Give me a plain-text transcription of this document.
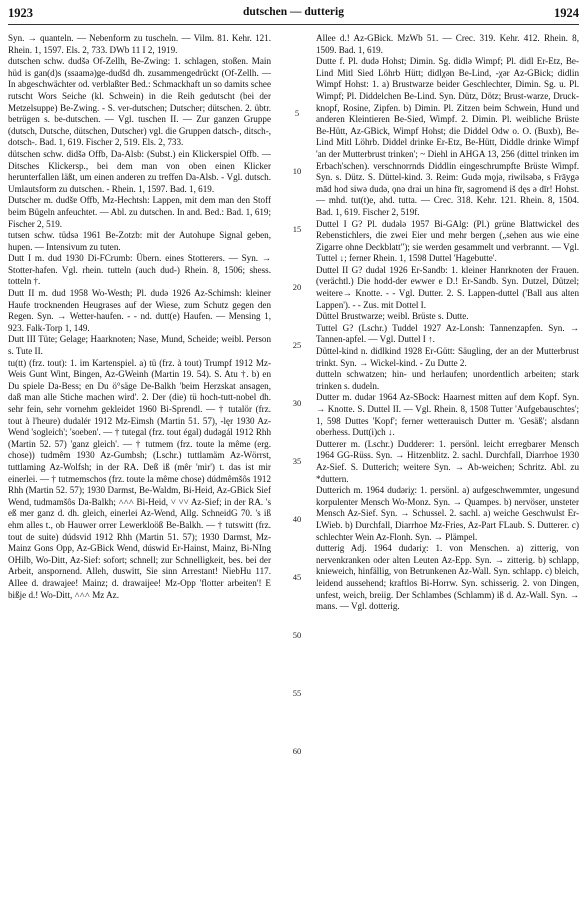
1923	dutschen — dutterig	1924

Syn. → quanteln. — Nebenform zu tuscheln. — Vilm. 81. Kehr. 121. Rhein. 1, 1597. Els. 2, 733. DWb 11 I 2, 1919.

dutschen schw. dudšə Of-Zellh, Be-Zwing: 1. schlagen, stoßen. Main hüd is gan(d)s (ssaamə)ge-dudšd dh. zusammengedrückt (Of-Zellh. — In abgeschwächter od. verblaßter Bed.: Schmackhaft un so damits schee rutscht Wors Seiche (kl. Schwein) in die Reih gedutscht (bei der Metzelsuppe) Be-Zwing. - S. ver-dutschen; Dutscher; dütschen. 2. übtr. betrügen s. be-dutschen. — Vgl. tuschen II. — Zur ganzen Gruppe (dutsch, Dutsche, dütschen, Dutscher) vgl. die Gruppen datsch-, ditsch-, dotsch-. Bad. 1, 619. Fischer 2, 519. Els. 2, 733.

dütschen schw. didšə Offb, Da-Alsb: (Subst.) ein Klickerspiel Offb. — Ditsches Klickersp., bei dem man von oben einen Klicker herunterfallen läßt, um einen anderen zu treffen Da-Alsb. - Vgl. dutsch. Umlautsform zu dutschen. - Rhein. 1, 1597. Bad. 1, 619.

Dutscher m. dudšɐ Offb, Mz-Hechtsh: Lappen, mit dem man den Stoff beim Bügeln anfeuchtet. — Abl. zu dutschen. In and. Bed.: Bad. 1, 619; Fischer 2, 519.

tutsen schw. tüdsə 1961 Be-Zotzb: mit der Autohupe Signal geben, hupen. — Intensivum zu tuten.

Dutt I m. dud 1930 Di-FCrumb: Übern. eines Stotterers. — Syn. → Stotter-hafen. Vgl. rhein. tutteln (auch dud-) Rhein. 8, 1506; shess. totteln †.

Dutt II m. dud 1958 Wo-Westh; Pl. dudə 1926 Az-Schimsh: kleiner Haufe trocknenden Heugrases auf der Wiese, zum Schutz gegen den Regen. Syn. → Wetter-haufen. - - nd. dutt(e) Haufen. — Mensing 1, 923. Falk-Torp 1, 149.

Dutt III Tüte; Gelage; Haarknoten; Nase, Mund, Scheide; weibl. Person s. Tute II.

tu(tt) (frz. tout): 1. im Kartenspiel. a) tü (frz. à tout) Trumpf 1912 Mz-Weis Gunt Wint, Bingen, Az-GWeinh (Martin 19. 54). S. Atu †. b) en Du spiele Da-Bess; en Du ö°säge De-Balkh 'beim Herzskat ansagen, daß man alle Stiche machen wird'. 2. Der (die) tü hoch-tutt-nobel dh. sehr fein, sehr vornehm gekleidet 1960 Bi-Sprendl. — † tutalör (frz. tout à l'heure) dudalér 1912 Mz-Eimsh (Martin 51. 57), -lęr 1930 Az-Wend 'sogleich'; 'soeben'. — † tutegal (frz. tout égal) dudəgál 1912 Rhh (Martin 52. 57) 'ganz gleich'. — † tutmem (frz. toute la même (erg. chose)) tudmêm 1930 Az-Gumbsh; (Lschr.) tuttlamäm Az-Wörrst, tuttlaming Az-Wolfsh; in der RA. Deß iß (mêr 'mir') t. das ist mir einerlei. — † tutmemschos (frz. toute la même chose) dúdmêmšôs 1912 Rhh (Martin 52. 57); 1930 Darmst, Be-Waldm, Bi-Heid, Az-GBick Sief Wend, tudmamšôs Da-Balkh; ˄˄˄ Bi-Heid, ˅ ˅˅ Az-Sief; in der RA. 's eß mer ganz d. dh. gleich, einerlei Az-Wend, Allg. SchneidG 70. 's iß ehm alles t., ob Hauwer orrer Lewerkloöß Be-Balkh. — † tutswitt (frz. tout de suite) dúdsvid 1912 Rhh (Martin 51. 57); 1930 Darmst, Mz-Mainz Gons Opp, Az-GBick Wend, dúswid Er-Hainst, Mainz, Bi-NIng OHilb, Wo-Ditt, Az-Sief: sofort; schnell; zur Schnelligkeit, bes. bei der Arbeit, anspornend. Alleh, duswitt, Sie sinn Arrestant! NiebHu 117. Allee d. drawajee! Mainz; d. drawaijee! Mz-Opp 'flotter arbeiten'! E bißje d.! Wo-Ditt, ˄˄˄ Mz Az.

5
10
15
20
25
30
35
40
45
50
55
60

Allee d.! Az-GBick. MzWb 51. — Crec. 319. Kehr. 412. Rhein. 8, 1509. Bad. 1, 619.

Dutte f. Pl. dudə Hohst; Dimin. Sg. didlə Wimpf; Pl. didl Er-Etz, Be-Lind Mitl Sied Löhrb Hütt; didlχən Be-Lind, -χər Az-GBick; didlin Wimpf Hohst: 1. a) Brustwarze beider Geschlechter, Dimin. Sg. u. Pl. Wimpf; Pl. Diddelchen Be-Lind. Syn. Dütz, Dötz; Brust-warze, Druck-knopf, Rosine, Zipfen. b) Dimin. Pl. Zitzen beim Schwein, Hund und anderen Kleintieren Be-Sied, Wimpf. 2. Dimin. Pl. weibliche Brüste Be-Hütt, Az-GBick, Wimpf Hohst; die Diddel Odw o. O. (Buxb), Be-Lind Mitl Löhrb. Diddel drinke Er-Etz, Be-Hütt, Diddle drinke Wimpf 'an der Mutterbrust trinken'; ~ Diehl in AHGA 13, 256 (dittel trinken im Erbach'schen). verschnorrnds Diddlin eingeschrumpfte Brüste Wimpf. Syn. s. Dütz. S. Düttel-kind. 3. Reim: Gudə mǫjə, riwilsəbə, s Frāygə mād hod siwə dudə, ǫnə drai un hinə fīr, sagromend iš dęs ə dīr! Hohst. — mhd. tut(t)e, ahd. tutta. — Crec. 318. Kehr. 121. Rhein. 8, 1504. Bad. 1, 619. Fischer 2, 519f.

Duttel I G? Pl. dudələ 1957 Bi-GAlg: (Pl.) grüne Blattwickel des Rebenstichlers, die zwei Eier und mehr bergen („sehen aus wie eine Zigarre ohne Deckblatt"); sie werden gesammelt und verbrannt. — Vgl. Tuttel ↓; ferner Rhein. 1, 1598 Duttel 'Hagebutte'.

Duttel II G? dudəl 1926 Er-Sandb: 1. kleiner Hanrknoten der Frauen. (verächtl.) Die hodd-der ewwer e D.! Er-Sandb. Syn. Dutzel, Dützel; weitere→ Knotte. - - Vgl. Dutter. 2. S. Lappen-duttel ('Ball aus alten Lappen'). - - Zus. mit Dottel I.

Düttel Brustwarze; weibl. Brüste s. Dutte.

Tuttel G? (Lschr.) Tuddel 1927 Az-Lonsh: Tannenzapfen. Syn. → Tannen-apfel. — Vgl. Duttel I ↑.

Düttel-kind n. didlkind 1928 Er-Gütt: Säugling, der an der Mutterbrust trinkt. Syn. → Wickel-kind. - Zu Dutte 2.

dutteln schwatzen; hin- und herlaufen; unordentlich arbeiten; stark trinken s. dudeln.

Dutter m. dudər 1964 Az-SBock: Haarnest mitten auf dem Kopf. Syn. → Knotte. S. Duttel II. — Vgl. Rhein. 8, 1508 Tutter 'Aufgebauschtes'; 1, 598 Duttes 'Kopf'; ferner wetterauisch Dutter m. 'Gesäß'; alsdann oberhess. Dutt(i)ch ↓.

Dutterer m. (Lschr.) Dudderer: 1. persönl. leicht erregbarer Mensch 1964 GG-Rüss. Syn. → Hitzenblitz. 2. sachl. Durchfall, Diarrhoe 1930 Az-Sief. S. Dutterich; weitere Syn. → Ab-weichen; Schritz. Abl. zu *duttern.

Dutterich m. 1964 dudəriχ: 1. persönl. a) aufgeschwemmter, ungesund korpulenter Mensch Wo-Monz. Syn. → Quampes. b) nervöser, unsteter Mensch Az-Sief. Syn. → Schussel. 2. sachl. a) weiche Geschwulst Er-LWieb. b) Durchfall, Diarrhoe Mz-Fries, Az-Part FLaub. S. Dutterer. c) schlechter Wein Az-Flonh. Syn. → Plämpel.

dutterig Adj. 1964 dudəriχ: 1. von Menschen. a) zitterig, von nervenkranken oder alten Leuten Az-Epp. Syn. → zitterig. b) schlapp, knieweich, hinfällig, von Betrunkenen Az-Wall. Syn. schlapp. c) bleich, leidend aussehend; kraftlos Bi-Horrw. Syn. schisserig. 2. von Dingen, unfest, weich, breiig. Der Schlambes (Schlamm) iß d. Az-Wall. Syn. → mans. — Vgl. dotterig.
